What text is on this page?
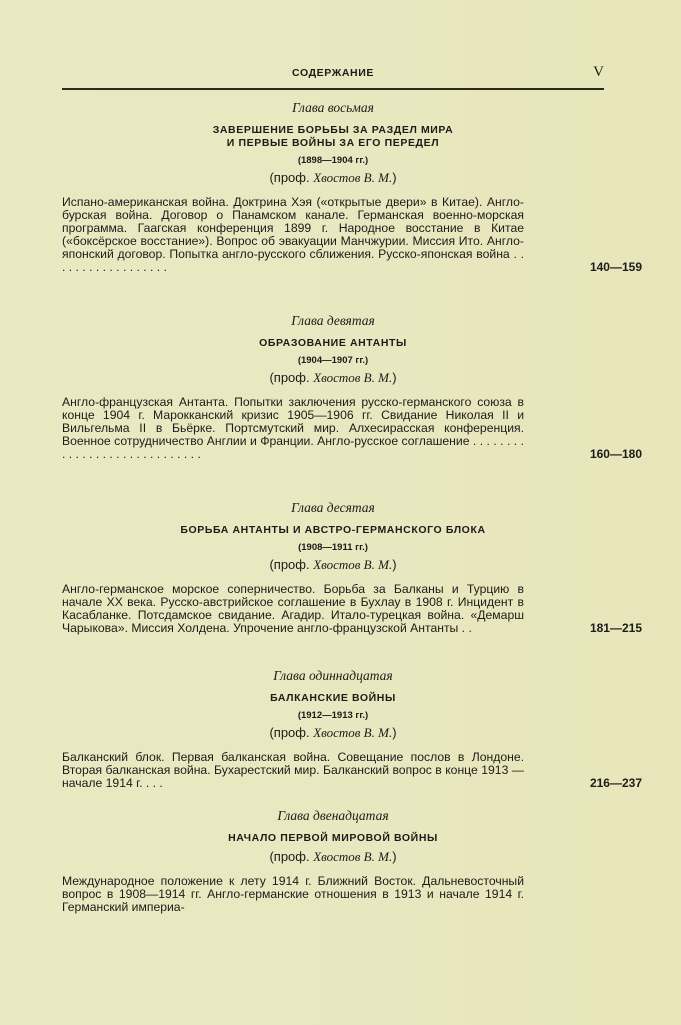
СОДЕРЖАНИЕ	V
Глава восьмая
ЗАВЕРШЕНИЕ БОРЬБЫ ЗА РАЗДЕЛ МИРА
И ПЕРВЫЕ ВОЙНЫ ЗА ЕГО ПЕРЕДЕЛ
(1898—1904 гг.)
(проф. Хвостов В. М.)
Испано-американская война. Доктрина Хэя («открытые двери» в Китае). Англо-бурская война. Договор о Панамском канале. Германская военно-морская программа. Гаагская конференция 1899 г. Народное восстание в Китае («боксёрское восстание»). Вопрос об эвакуации Манчжурии. Миссия Ито. Англо-японский договор. Попытка англо-русского сближения. Русско-японская война . . . . . . . . . . . . . . . . . .	140—159
Глава девятая
ОБРАЗОВАНИЕ АНТАНТЫ
(1904—1907 гг.)
(проф. Хвостов В. М.)
Англо-французская Антанта. Попытки заключения русско-германского союза в конце 1904 г. Марокканский кризис 1905—1906 гг. Свидание Николая II и Вильгельма II в Бьёрке. Портсмутский мир. Алхесирасская конференция. Военное сотрудничество Англии и Франции. Англо-русское соглашение . . . . . . . . . . . . . . . . . . . . . . . . . . . . .	160—180
Глава десятая
БОРЬБА АНТАНТЫ И АВСТРО-ГЕРМАНСКОГО БЛОКА
(1908—1911 гг.)
(проф. Хвостов В. М.)
Англо-германское морское соперничество. Борьба за Балканы и Турцию в начале XX века. Русско-австрийское соглашение в Бухлау в 1908 г. Инцидент в Касабланке. Потсдамское свидание. Агадир. Итало-турецкая война. «Демарш Чарыкова». Миссия Холдена. Упрочение англо-французской Антанты . .	181—215
Глава одиннадцатая
БАЛКАНСКИЕ ВОЙНЫ
(1912—1913 гг.)
(проф. Хвостов В. М.)
Балканский блок. Первая балканская война. Совещание послов в Лондоне. Вторая балканская война. Бухарестский мир. Балканский вопрос в конце 1913 — начале 1914 г. . . .	216—237
Глава двенадцатая
НАЧАЛО ПЕРВОЙ МИРОВОЙ ВОЙНЫ
(проф. Хвостов В. М.)
Международное положение к лету 1914 г. Ближний Восток. Дальневосточный вопрос в 1908—1914 гг. Англо-германские отношения в 1913 и начале 1914 г. Германский империа-
